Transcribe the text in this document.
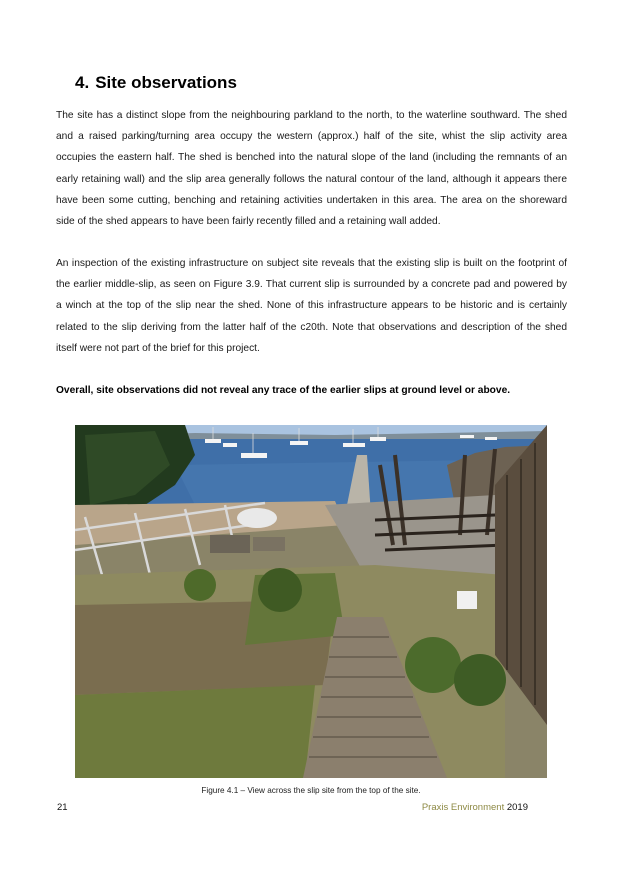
4. Site observations

The site has a distinct slope from the neighbouring parkland to the north, to the waterline southward. The shed and a raised parking/turning area occupy the western (approx.) half of the site, whist the slip activity area occupies the eastern half. The shed is benched into the natural slope of the land (including the remnants of an early retaining wall) and the slip area generally follows the natural contour of the land, although it appears there have been some cutting, benching and retaining activities undertaken in this area. The area on the shoreward side of the shed appears to have been fairly recently filled and a retaining wall added.

An inspection of the existing infrastructure on subject site reveals that the existing slip is built on the footprint of the earlier middle-slip, as seen on Figure 3.9. That current slip is surrounded by a concrete pad and powered by a winch at the top of the slip near the shed. None of this infrastructure appears to be historic and is certainly related to the slip deriving from the latter half of the c20th. Note that observations and description of the shed itself were not part of the brief for this project.

Overall, site observations did not reveal any trace of the earlier slips at ground level or above.

Figure 4.1 – View across the slip site from the top of the site.
21	Praxis Environment 2019
